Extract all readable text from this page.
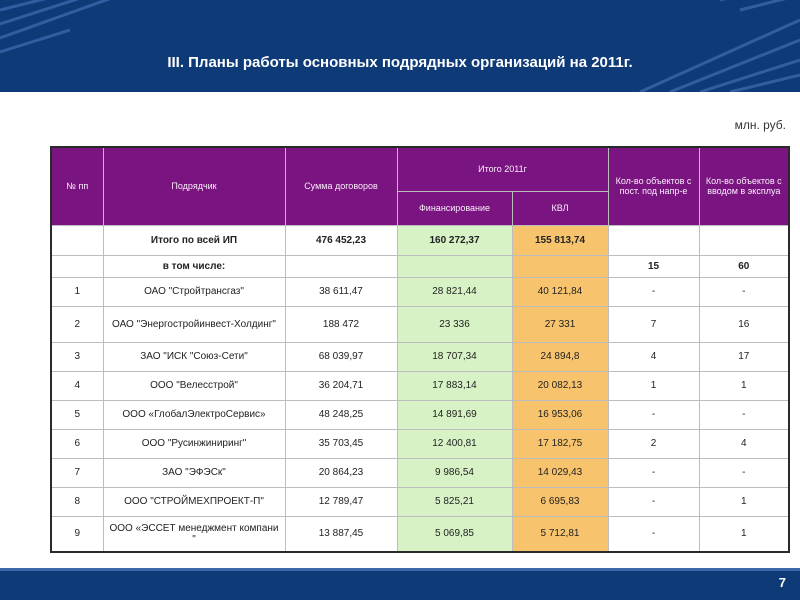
III. Планы работы основных подрядных организаций на 2011г.
млн. руб.
№ пп	Подрядчик	Сумма договоров	Итого 2011г		Кол-во объектов с пост. под напр-е	Кол-во объектов с вводом в эксплуа
			Финансирование	КВЛ		
	Итого по всей ИП	476 452,23	160 272,37	155 813,74		
	в том числе:				15	60
1	ОАО "Стройтрансгаз"	38 611,47	28 821,44	40 121,84	-	-
2	ОАО "Энергостройинвест-Холдинг"	188 472	23 336	27 331	7	16
3	ЗАО "ИСК "Союз-Сети"	68 039,97	18 707,34	24 894,8	4	17
4	ООО "Велесстрой"	36 204,71	17 883,14	20 082,13	1	1
5	ООО «ГлобалЭлектроСервис»	48 248,25	14 891,69	16 953,06	-	-
6	ООО "Русинжиниринг"	35 703,45	12 400,81	17 182,75	2	4
7	ЗАО "ЭФЭСк"	20 864,23	9 986,54	14 029,43	-	-
8	ООО "СТРОЙМЕХПРОЕКТ-П"	12 789,47	5 825,21	6 695,83	-	1
9	ООО «ЭССЕТ менеджмент компани "	13 887,45	5 069,85	5 712,81	-	1
7
